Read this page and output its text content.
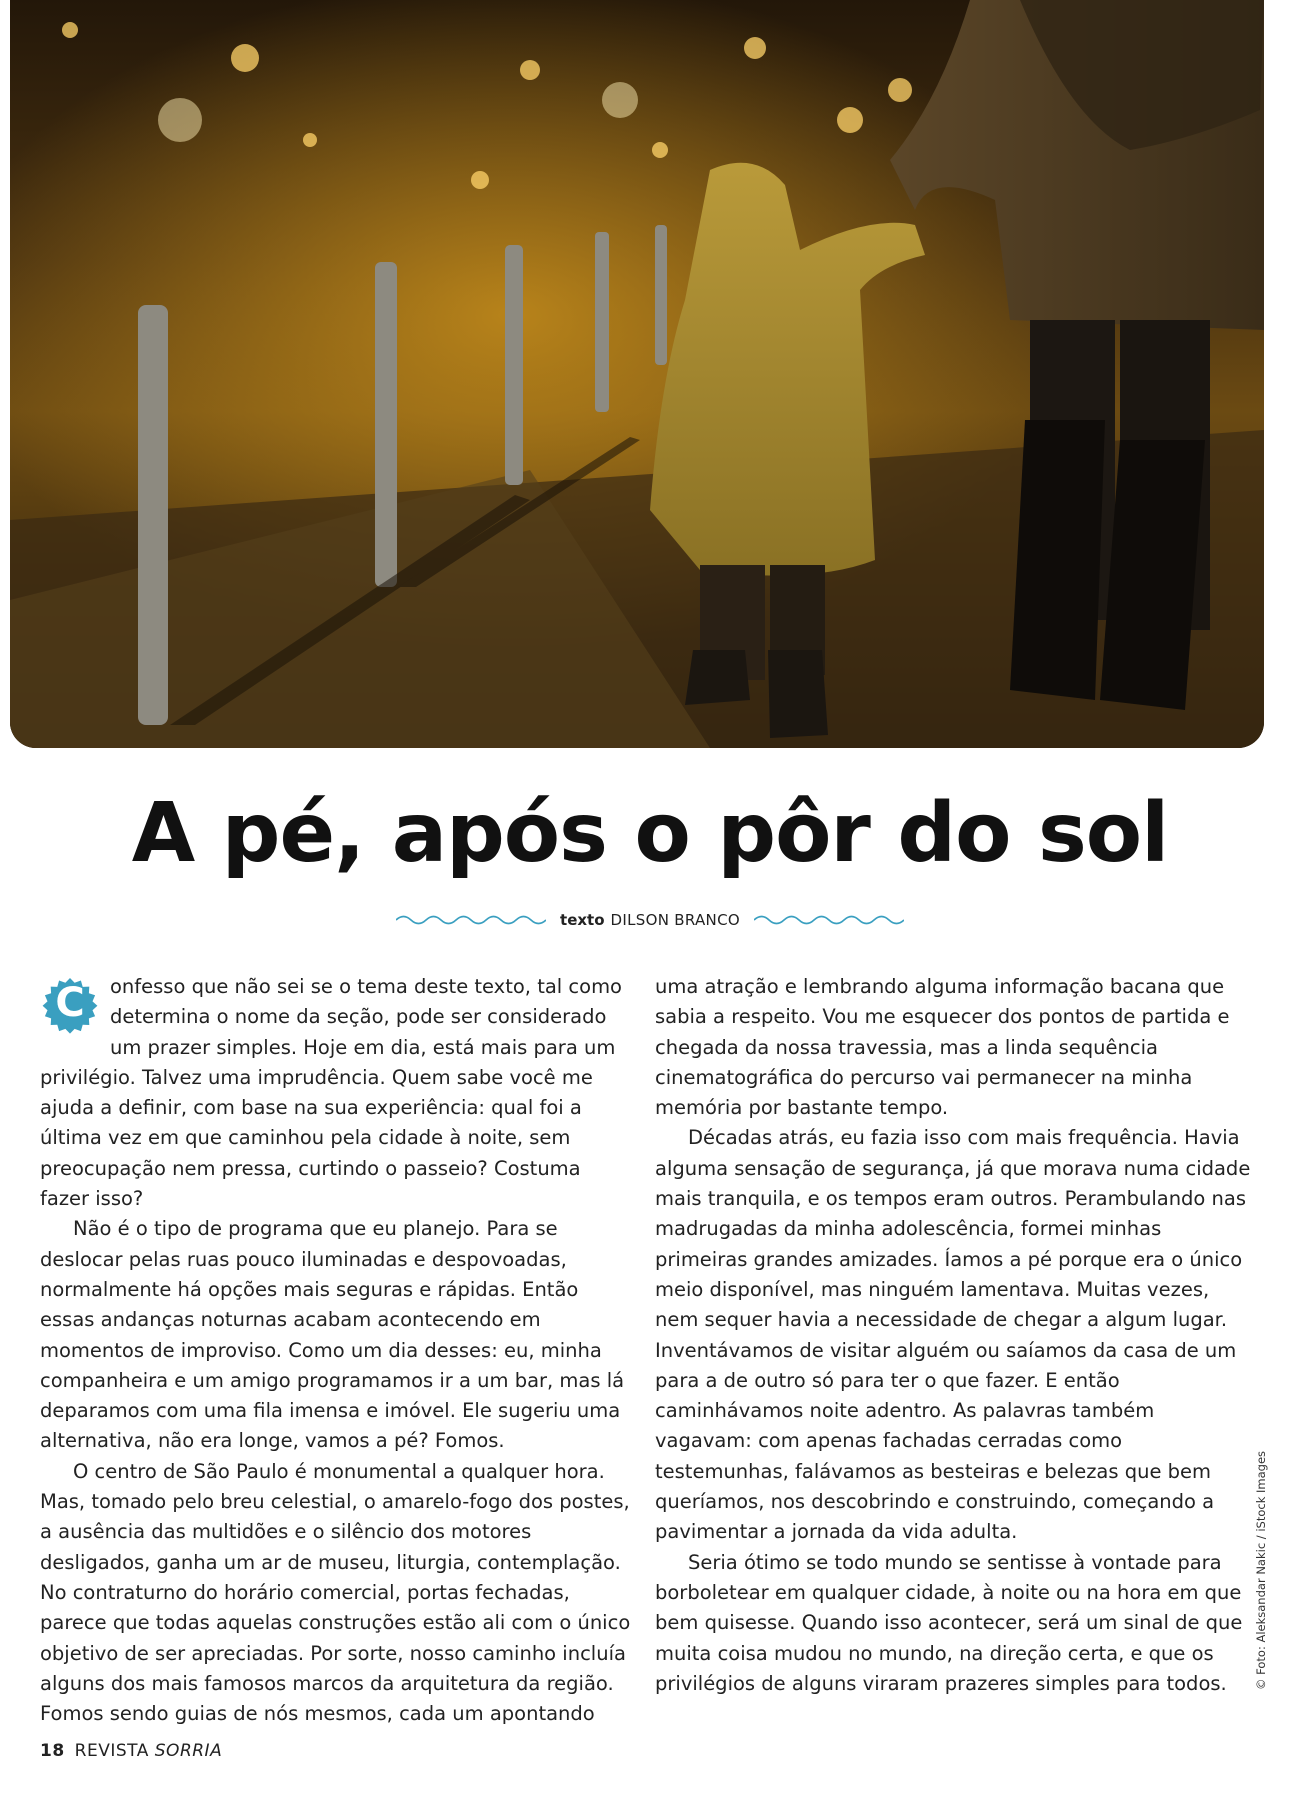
A pé, após o pôr do sol
texto DILSON BRANCO

C	onfesso que não sei se o tema deste texto, tal como determina o nome da seção, pode ser considerado um prazer simples. Hoje em dia, está mais para um privilégio. Talvez uma imprudência. Quem sabe você me ajuda a definir, com base na sua experiência: qual foi a última vez em que caminhou pela cidade à noite, sem preocupação nem pressa, curtindo o passeio? Costuma fazer isso?

Não é o tipo de programa que eu planejo. Para se deslocar pelas ruas pouco iluminadas e despovoadas, normalmente há opções mais seguras e rápidas. Então essas andanças noturnas acabam acontecendo em momentos de improviso. Como um dia desses: eu, minha companheira e um amigo programamos ir a um bar, mas lá deparamos com uma fila imensa e imóvel. Ele sugeriu uma alternativa, não era longe, vamos a pé? Fomos.

O centro de São Paulo é monumental a qualquer hora. Mas, tomado pelo breu celestial, o amarelo-fogo dos postes, a ausência das multidões e o silêncio dos motores desligados, ganha um ar de museu, liturgia, contemplação. No contraturno do horário comercial, portas fechadas, parece que todas aquelas construções estão ali com o único objetivo de ser apreciadas. Por sorte, nosso caminho incluía alguns dos mais famosos marcos da arquitetura da região. Fomos sendo guias de nós mesmos, cada um apontando

uma atração e lembrando alguma informação bacana que sabia a respeito. Vou me esquecer dos pontos de partida e chegada da nossa travessia, mas a linda sequência cinematográfica do percurso vai permanecer na minha memória por bastante tempo.

Décadas atrás, eu fazia isso com mais frequência. Havia alguma sensação de segurança, já que morava numa cidade mais tranquila, e os tempos eram outros. Perambulando nas madrugadas da minha adolescência, formei minhas primeiras grandes amizades. Íamos a pé porque era o único meio disponível, mas ninguém lamentava. Muitas vezes, nem sequer havia a necessidade de chegar a algum lugar. Inventávamos de visitar alguém ou saíamos da casa de um para a de outro só para ter o que fazer. E então caminhávamos noite adentro. As palavras também vagavam: com apenas fachadas cerradas como testemunhas, falávamos as besteiras e belezas que bem queríamos, nos descobrindo e construindo, começando a pavimentar a jornada da vida adulta.

Seria ótimo se todo mundo se sentisse à vontade para borboletear em qualquer cidade, à noite ou na hora em que bem quisesse. Quando isso acontecer, será um sinal de que muita coisa mudou no mundo, na direção certa, e que os privilégios de alguns viraram prazeres simples para todos.	© Foto: Aleksandar Nakic / iStock Images
18 REVISTA SORRIA
